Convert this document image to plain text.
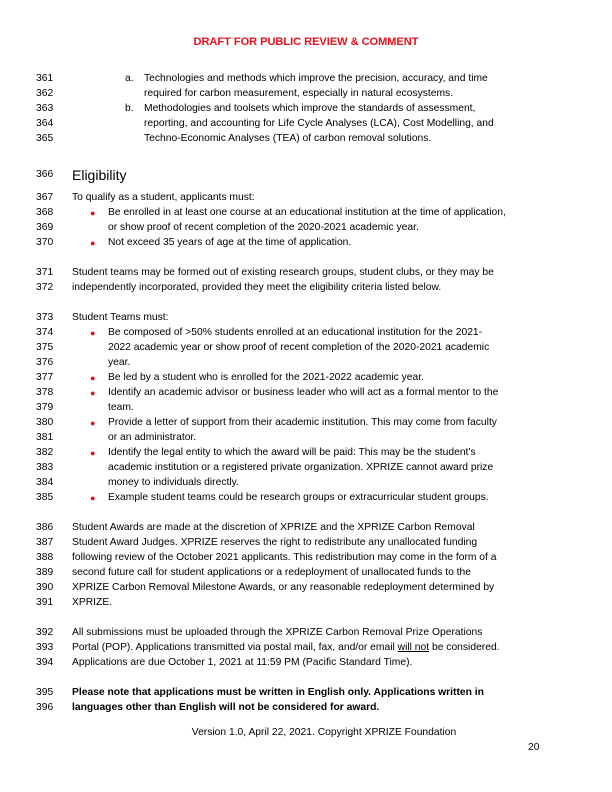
DRAFT FOR PUBLIC REVIEW & COMMENT
361
362
363
364
365
366
367
368
369
370
371
372
373
374
375
376
377
378
379
380
381
382
383
384
385
386
387
388
389
390
391
392
393
394
395
396
a. Technologies and methods which improve the precision, accuracy, and time
required for carbon measurement, especially in natural ecosystems.
b. Methodologies and toolsets which improve the standards of assessment,
reporting, and accounting for Life Cycle Analyses (LCA), Cost Modelling, and
Techno-Economic Analyses (TEA) of carbon removal solutions.
Eligibility
To qualify as a student, applicants must:
● Be enrolled in at least one course at an educational institution at the time of application,
or show proof of recent completion of the 2020-2021 academic year.
● Not exceed 35 years of age at the time of application.
Student teams may be formed out of existing research groups, student clubs, or they may be
independently incorporated, provided they meet the eligibility criteria listed below.
Student Teams must:
● Be composed of >50% students enrolled at an educational institution for the 2021-
2022 academic year or show proof of recent completion of the 2020-2021 academic
year.
● Be led by a student who is enrolled for the 2021-2022 academic year.
● Identify an academic advisor or business leader who will act as a formal mentor to the
team.
● Provide a letter of support from their academic institution. This may come from faculty
or an administrator.
● Identify the legal entity to which the award will be paid: This may be the student’s
academic institution or a registered private organization. XPRIZE cannot award prize
money to individuals directly.
● Example student teams could be research groups or extracurricular student groups.
Student Awards are made at the discretion of XPRIZE and the XPRIZE Carbon Removal
Student Award Judges. XPRIZE reserves the right to redistribute any unallocated funding
following review of the October 2021 applicants. This redistribution may come in the form of a
second future call for student applications or a redeployment of unallocated funds to the
XPRIZE Carbon Removal Milestone Awards, or any reasonable redeployment determined by
XPRIZE.
All submissions must be uploaded through the XPRIZE Carbon Removal Prize Operations
Portal (POP). Applications transmitted via postal mail, fax, and/or email will not be considered.
Applications are due October 1, 2021 at 11:59 PM (Pacific Standard Time).
Please note that applications must be written in English only. Applications written in
languages other than English will not be considered for award.
Version 1.0, April 22, 2021. Copyright XPRIZE Foundation
20
